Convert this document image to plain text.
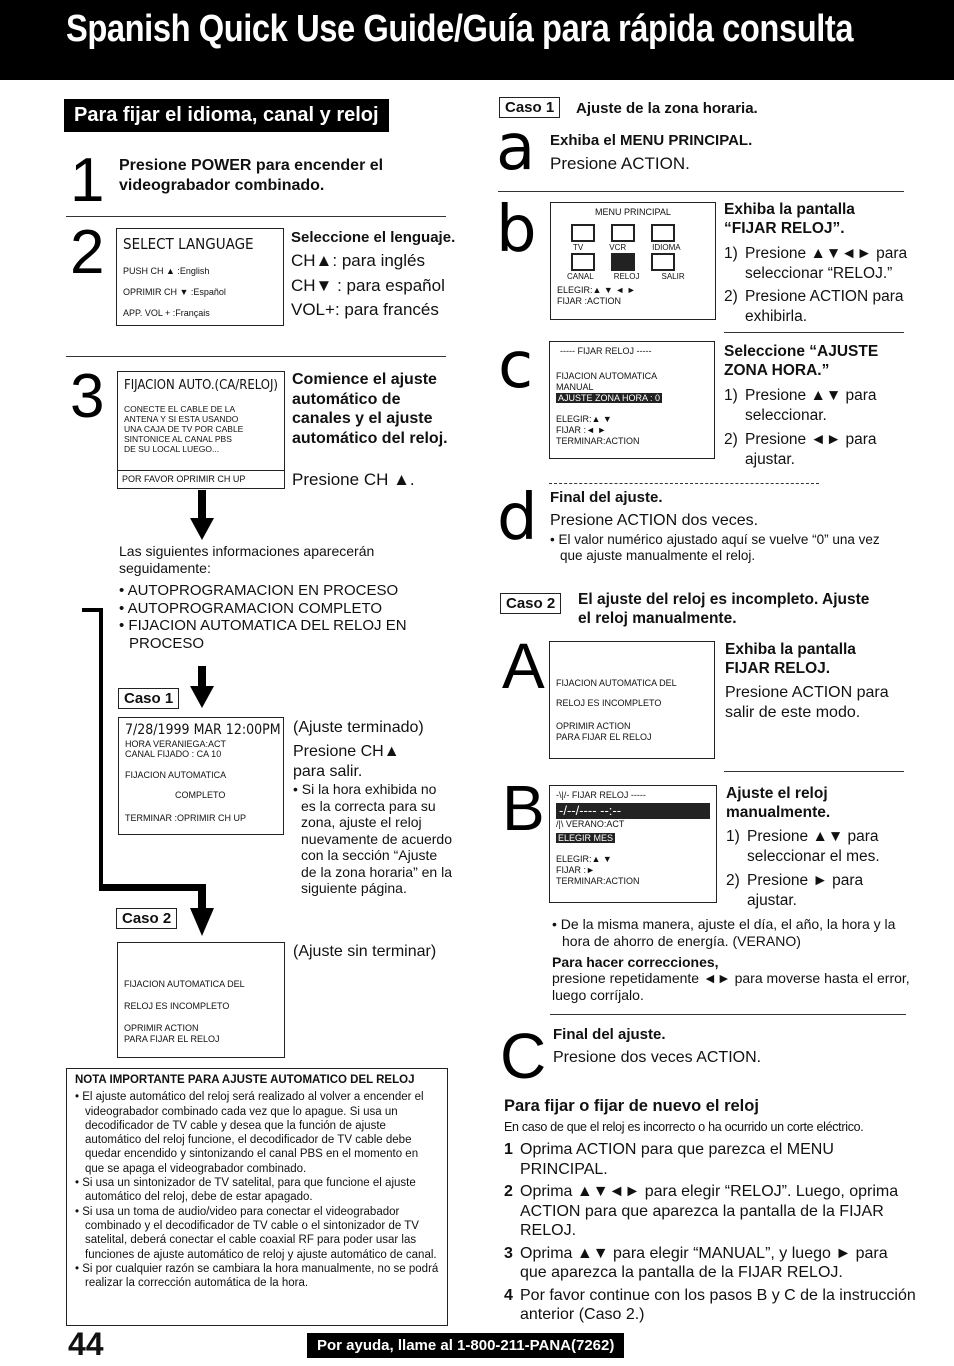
Spanish Quick Use Guide/Guía para rápida consulta
Para fijar el idioma, canal y reloj
1 Presione POWER para encender el videograbador combinado.
2 SELECT LANGUAGE
PUSH CH ▲ :English
OPRIMIR CH ▼ :Español
APP. VOL + :Français
Seleccione el lenguaje.
CH▲: para inglés
CH▼ : para español
VOL+: para francés
3 FIJACION AUTO.(CA/RELOJ)
CONECTE EL CABLE DE LA
ANTENA Y SI ESTA USANDO
UNA CAJA DE TV POR CABLE
SINTONICE AL CANAL PBS
DE SU LOCAL LUEGO...
POR FAVOR OPRIMIR CH UP
Comience el ajuste automático de canales y el ajuste automático del reloj.
Presione CH ▲.
Las siguientes informaciones aparecerán seguidamente:
• AUTOPROGRAMACION EN PROCESO
• AUTOPROGRAMACION COMPLETO
• FIJACION AUTOMATICA DEL RELOJ EN PROCESO
Caso 1
7/28/1999 MAR 12:00PM
HORA VERANIEGA:ACT
CANAL FIJADO : CA 10
FIJACION AUTOMATICA
COMPLETO
TERMINAR :OPRIMIR CH UP
(Ajuste terminado)
Presione CH▲ para salir.
• Si la hora exhibida no es la correcta para su zona, ajuste el reloj nuevamente de acuerdo con la sección “Ajuste de la zona horaria” en la siguiente página.
Caso 2
FIJACION AUTOMATICA DEL
RELOJ ES INCOMPLETO
OPRIMIR ACTION
PARA FIJAR EL RELOJ
(Ajuste sin terminar)
NOTA IMPORTANTE PARA AJUSTE AUTOMATICO DEL RELOJ
• El ajuste automático del reloj será realizado al volver a encender el videograbador combinado cada vez que lo apague. Si usa un decodificador de TV cable y desea que la función de ajuste automático del reloj funcione, el decodificador de TV cable debe quedar encendido y sintonizando el canal PBS en el momento en que se apaga el videograbador combinado.
• Si usa un sintonizador de TV satelital, para que funcione el ajuste automático del reloj, debe de estar apagado.
• Si usa un toma de audio/video para conectar el videograbador combinado y el decodificador de TV cable o el sintonizador de TV satelital, deberá conectar el cable coaxial RF para poder usar las funciones de ajuste automático de reloj y ajuste automático de canal.
• Si por cualquier razón se cambiara la hora manualmente, no se podrá realizar la corrección automática de la hora.
Caso 1	Ajuste de la zona horaria.
a Exhiba el MENU PRINCIPAL.
Presione ACTION.
b	MENU PRINCIPAL
TV	VCR	IDIOMA
CANAL	RELOJ	SALIR
ELEGIR:▲ ▼ ◄ ►
FIJAR :ACTION
Exhiba la pantalla “FIJAR RELOJ”.
1) Presione ▲▼◄► para seleccionar “RELOJ.”
2) Presione ACTION para exhibirla.
c	----- FIJAR RELOJ -----
FIJACION AUTOMATICA
MANUAL
AJUSTE ZONA HORA : 0
ELEGIR:▲ ▼
FIJAR :◄ ►
TERMINAR:ACTION
Seleccione “AJUSTE ZONA HORA.”
1) Presione ▲▼ para seleccionar.
2) Presione ◄► para ajustar.
d Final del ajuste.
Presione ACTION dos veces.
• El valor numérico ajustado aquí se vuelve “0” una vez que ajuste manualmente el reloj.
Caso 2	El ajuste del reloj es incompleto. Ajuste el reloj manualmente.
A FIJACION AUTOMATICA DEL
RELOJ ES INCOMPLETO
OPRIMIR ACTION
PARA FIJAR EL RELOJ
Exhiba la pantalla FIJAR RELOJ.
Presione ACTION para salir de este modo.
B -\|/- FIJAR RELOJ -----
-/--/---- --:--
/|\ VERANO:ACT
ELEGIR MES
ELEGIR:▲ ▼
FIJAR :►
TERMINAR:ACTION
Ajuste el reloj manualmente.
1) Presione ▲▼ para seleccionar el mes.
2) Presione ► para ajustar.
• De la misma manera, ajuste el día, el año, la hora y la hora de ahorro de energía. (VERANO)
Para hacer correcciones,
presione repetidamente ◄► para moverse hasta el error, luego corríjalo.
C Final del ajuste.
Presione dos veces ACTION.
Para fijar o fijar de nuevo el reloj
En caso de que el reloj es incorrecto o ha ocurrido un corte eléctrico.
1 Oprima ACTION para que parezca el MENU PRINCIPAL.
2 Oprima ▲▼◄► para elegir “RELOJ”. Luego, oprima ACTION para que aparezca la pantalla de la FIJAR RELOJ.
3 Oprima ▲▼ para elegir “MANUAL”, y luego ► para que aparezca la pantalla de la FIJAR RELOJ.
4 Por favor continue con los pasos B y C de la instrucción anterior (Caso 2.)
44	Por ayuda, llame al 1-800-211-PANA(7262)
